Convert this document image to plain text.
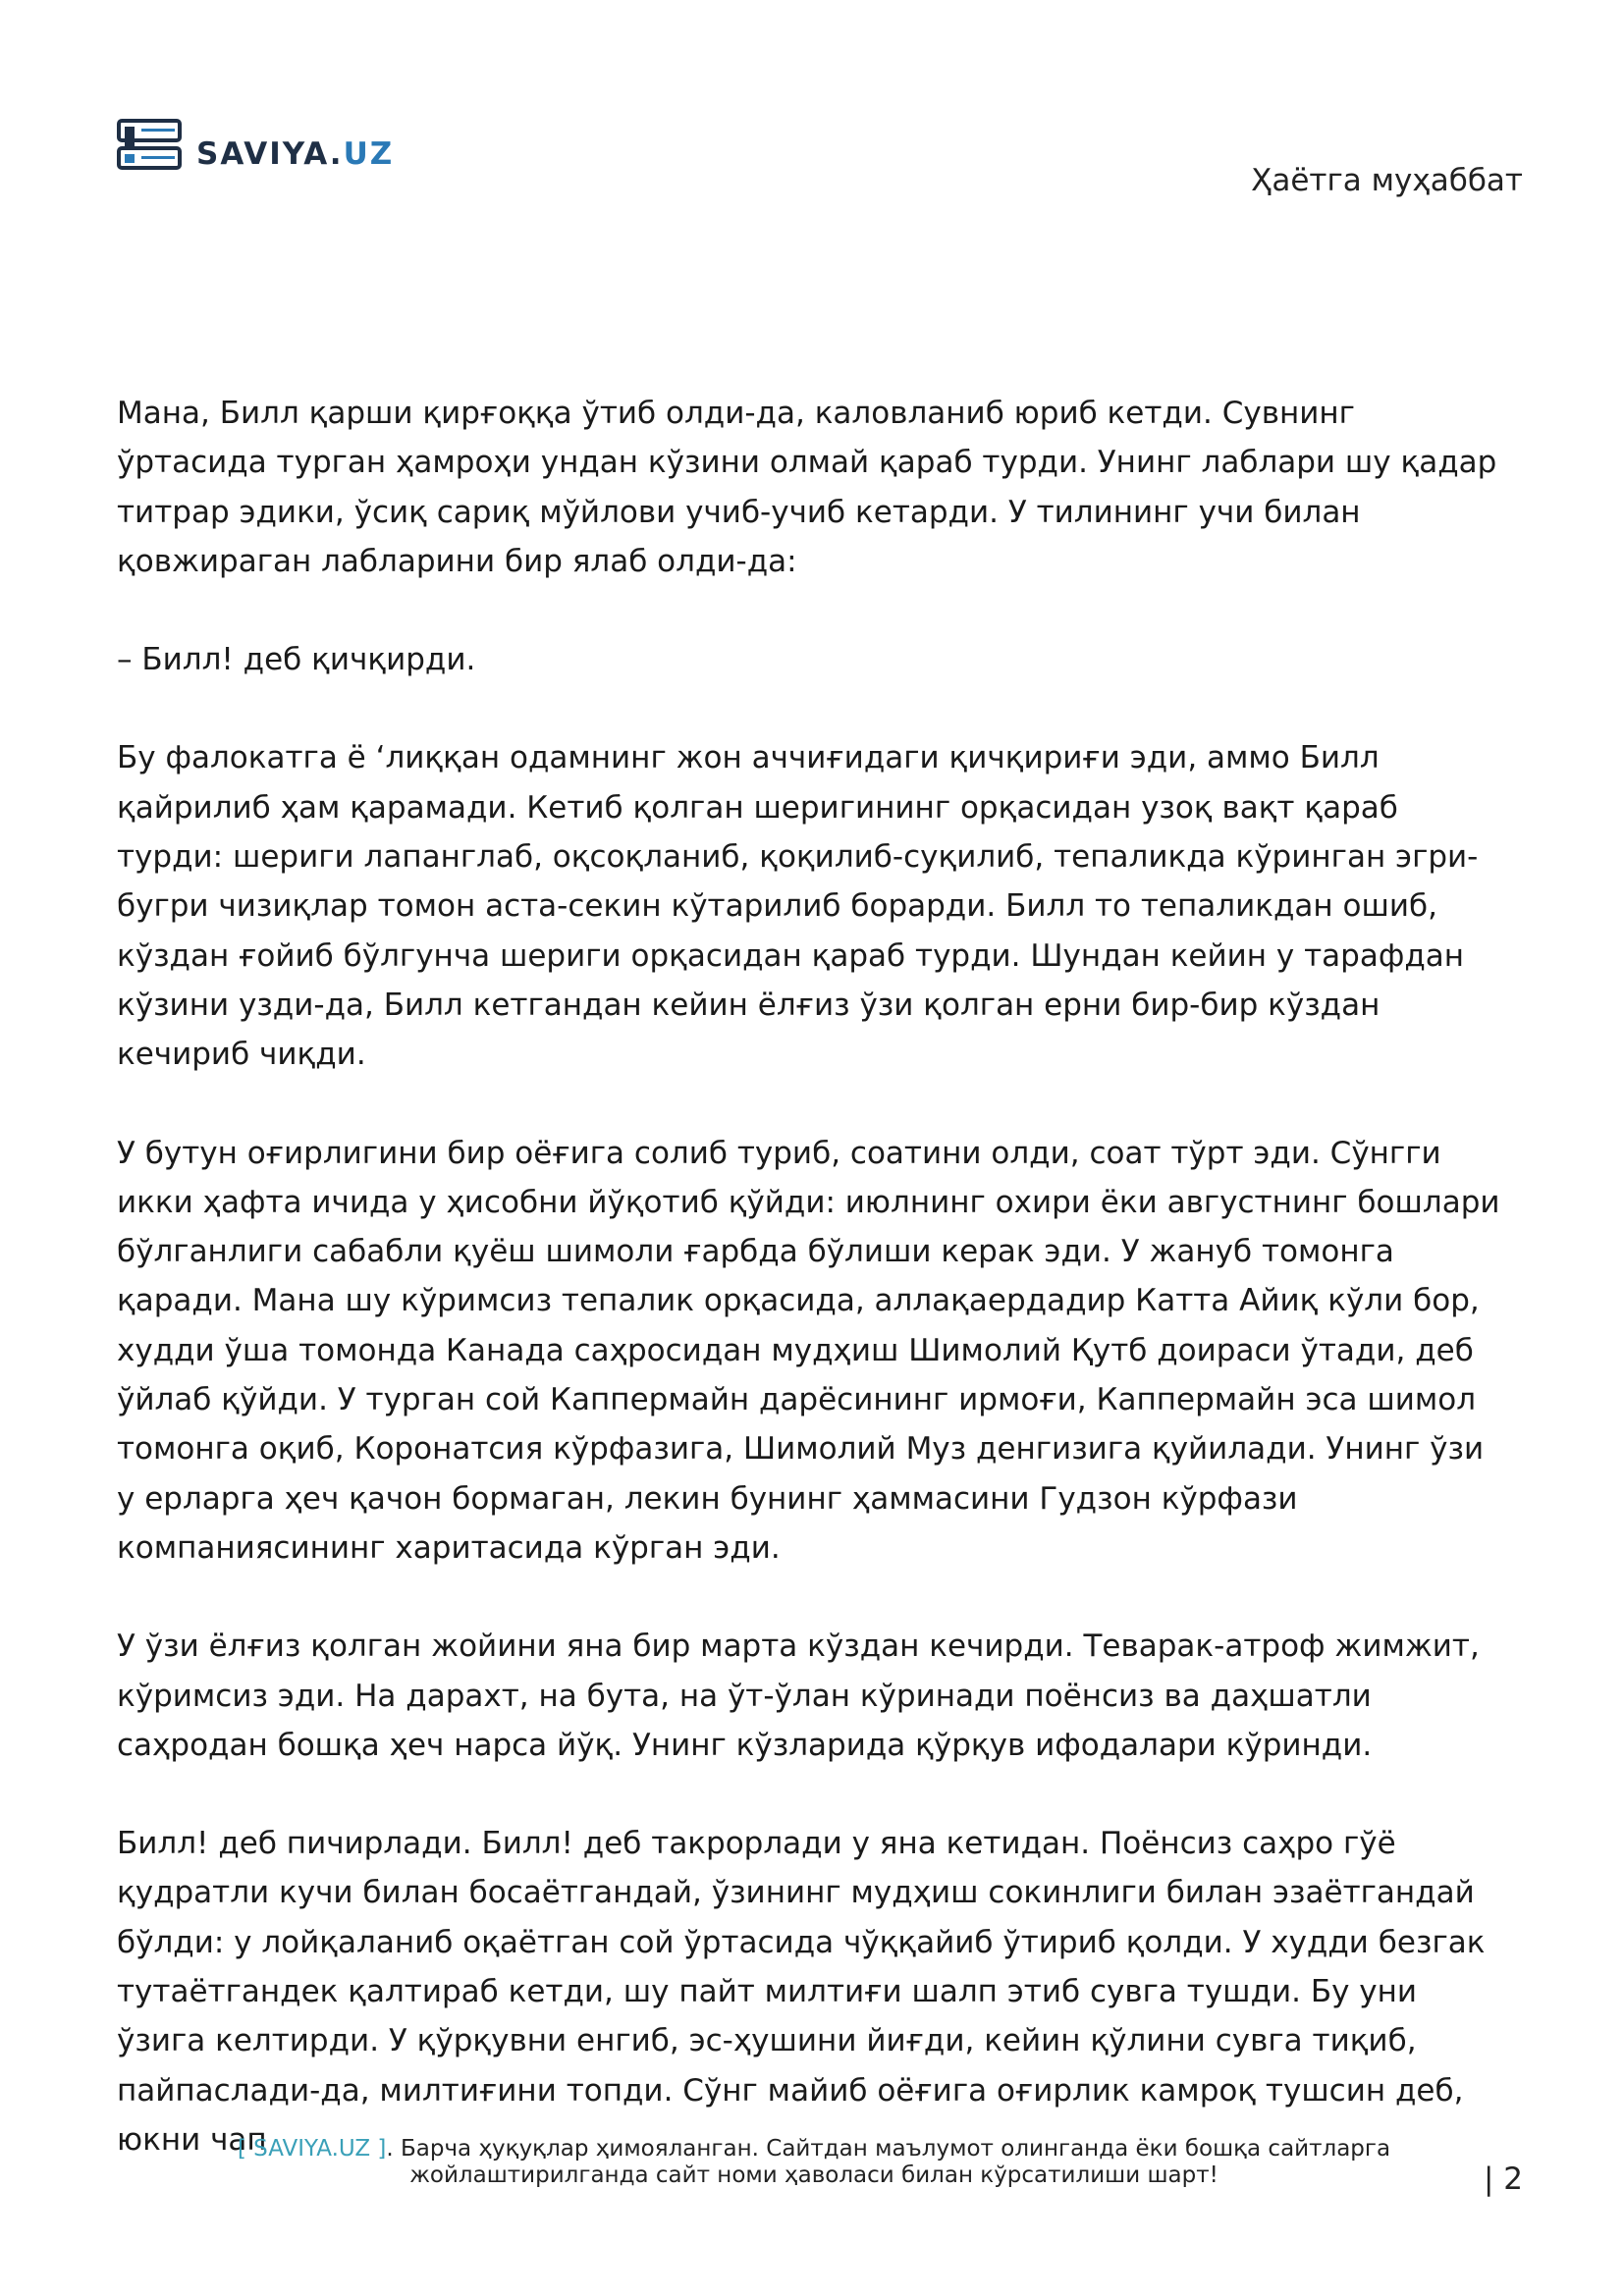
SAVIYA.UZ
Ҳаётга муҳаббат

Мана, Билл қарши қирғоққа ўтиб олди-да, каловланиб юриб кетди. Сувнинг ўртасида турган ҳамроҳи ундан кўзини олмай қараб турди. Унинг лаблари шу қадар титрар эдики, ўсиқ сариқ мўйлови учиб-учиб кетарди. У тилининг учи билан қовжираган лабларини бир ялаб олди-да:

– Билл! деб қичқирди.

Бу фалокатга ё ‘лиққан одамнинг жон аччиғидаги қичқириғи эди, аммо Билл қайрилиб ҳам қарамади. Кетиб қолган шеригининг орқасидан узоқ вақт қараб турди: шериги лапанглаб, оқсоқланиб, қоқилиб-суқилиб, тепаликда кўринган эгри-бугри чизиқлар томон аста-секин кўтарилиб борарди. Билл то тепаликдан ошиб, кўздан ғойиб бўлгунча шериги орқасидан қараб турди. Шундан кейин у тарафдан кўзини узди-да, Билл кетгандан кейин ёлғиз ўзи қолган ерни бир-бир кўздан кечириб чиқди.

У бутун оғирлигини бир оёғига солиб туриб, соатини олди, соат тўрт эди. Сўнгги икки ҳафта ичида у ҳисобни йўқотиб қўйди: июлнинг охири ёки августнинг бошлари бўлганлиги сабабли қуёш шимоли ғарбда бўлиши керак эди. У жануб томонга қаради. Мана шу кўримсиз тепалик орқасида, аллақаердадир Катта Айиқ кўли бор, худди ўша томонда Канада саҳросидан мудҳиш Шимолий Қутб доираси ўтади, деб ўйлаб қўйди. У турган сой Каппермайн дарёсининг ирмоғи, Каппермайн эса шимол томонга оқиб, Коронатсия кўрфазига, Шимолий Муз денгизига қуйилади. Унинг ўзи у ерларга ҳеч қачон бормаган, лекин бунинг ҳаммасини Гудзон кўрфази компаниясининг харитасида кўрган эди.

У ўзи ёлғиз қолган жойини яна бир марта кўздан кечирди. Теварак-атроф жимжит, кўримсиз эди. На дарахт, на бута, на ўт-ўлан кўринади поёнсиз ва даҳшатли саҳродан бошқа ҳеч нарса йўқ. Унинг кўзларида қўрқув ифодалари кўринди.

Билл! деб пичирлади. Билл! деб такрорлади у яна кетидан. Поёнсиз саҳро гўё қудратли кучи билан босаётгандай, ўзининг мудҳиш сокинлиги билан эзаётгандай бўлди: у лойқаланиб оқаётган сой ўртасида чўққайиб ўтириб қолди. У худди безгак тутаётгандек қалтираб кетди, шу пайт милтиғи шалп этиб сувга тушди. Бу уни ўзига келтирди. У қўрқувни енгиб, эс-ҳушини йиғди, кейин қўлини сувга тиқиб, пайпаслади-да, милтиғини топди. Сўнг майиб оёғига оғирлик камроқ тушсин деб, юкни чап

[ SAVIYA.UZ ]. Барча ҳуқуқлар ҳимояланган. Сайтдан маълумот олинганда ёки бошқа сайтларга жойлаштирилганда сайт номи ҳаволаси билан кўрсатилиши шарт!	| 2
